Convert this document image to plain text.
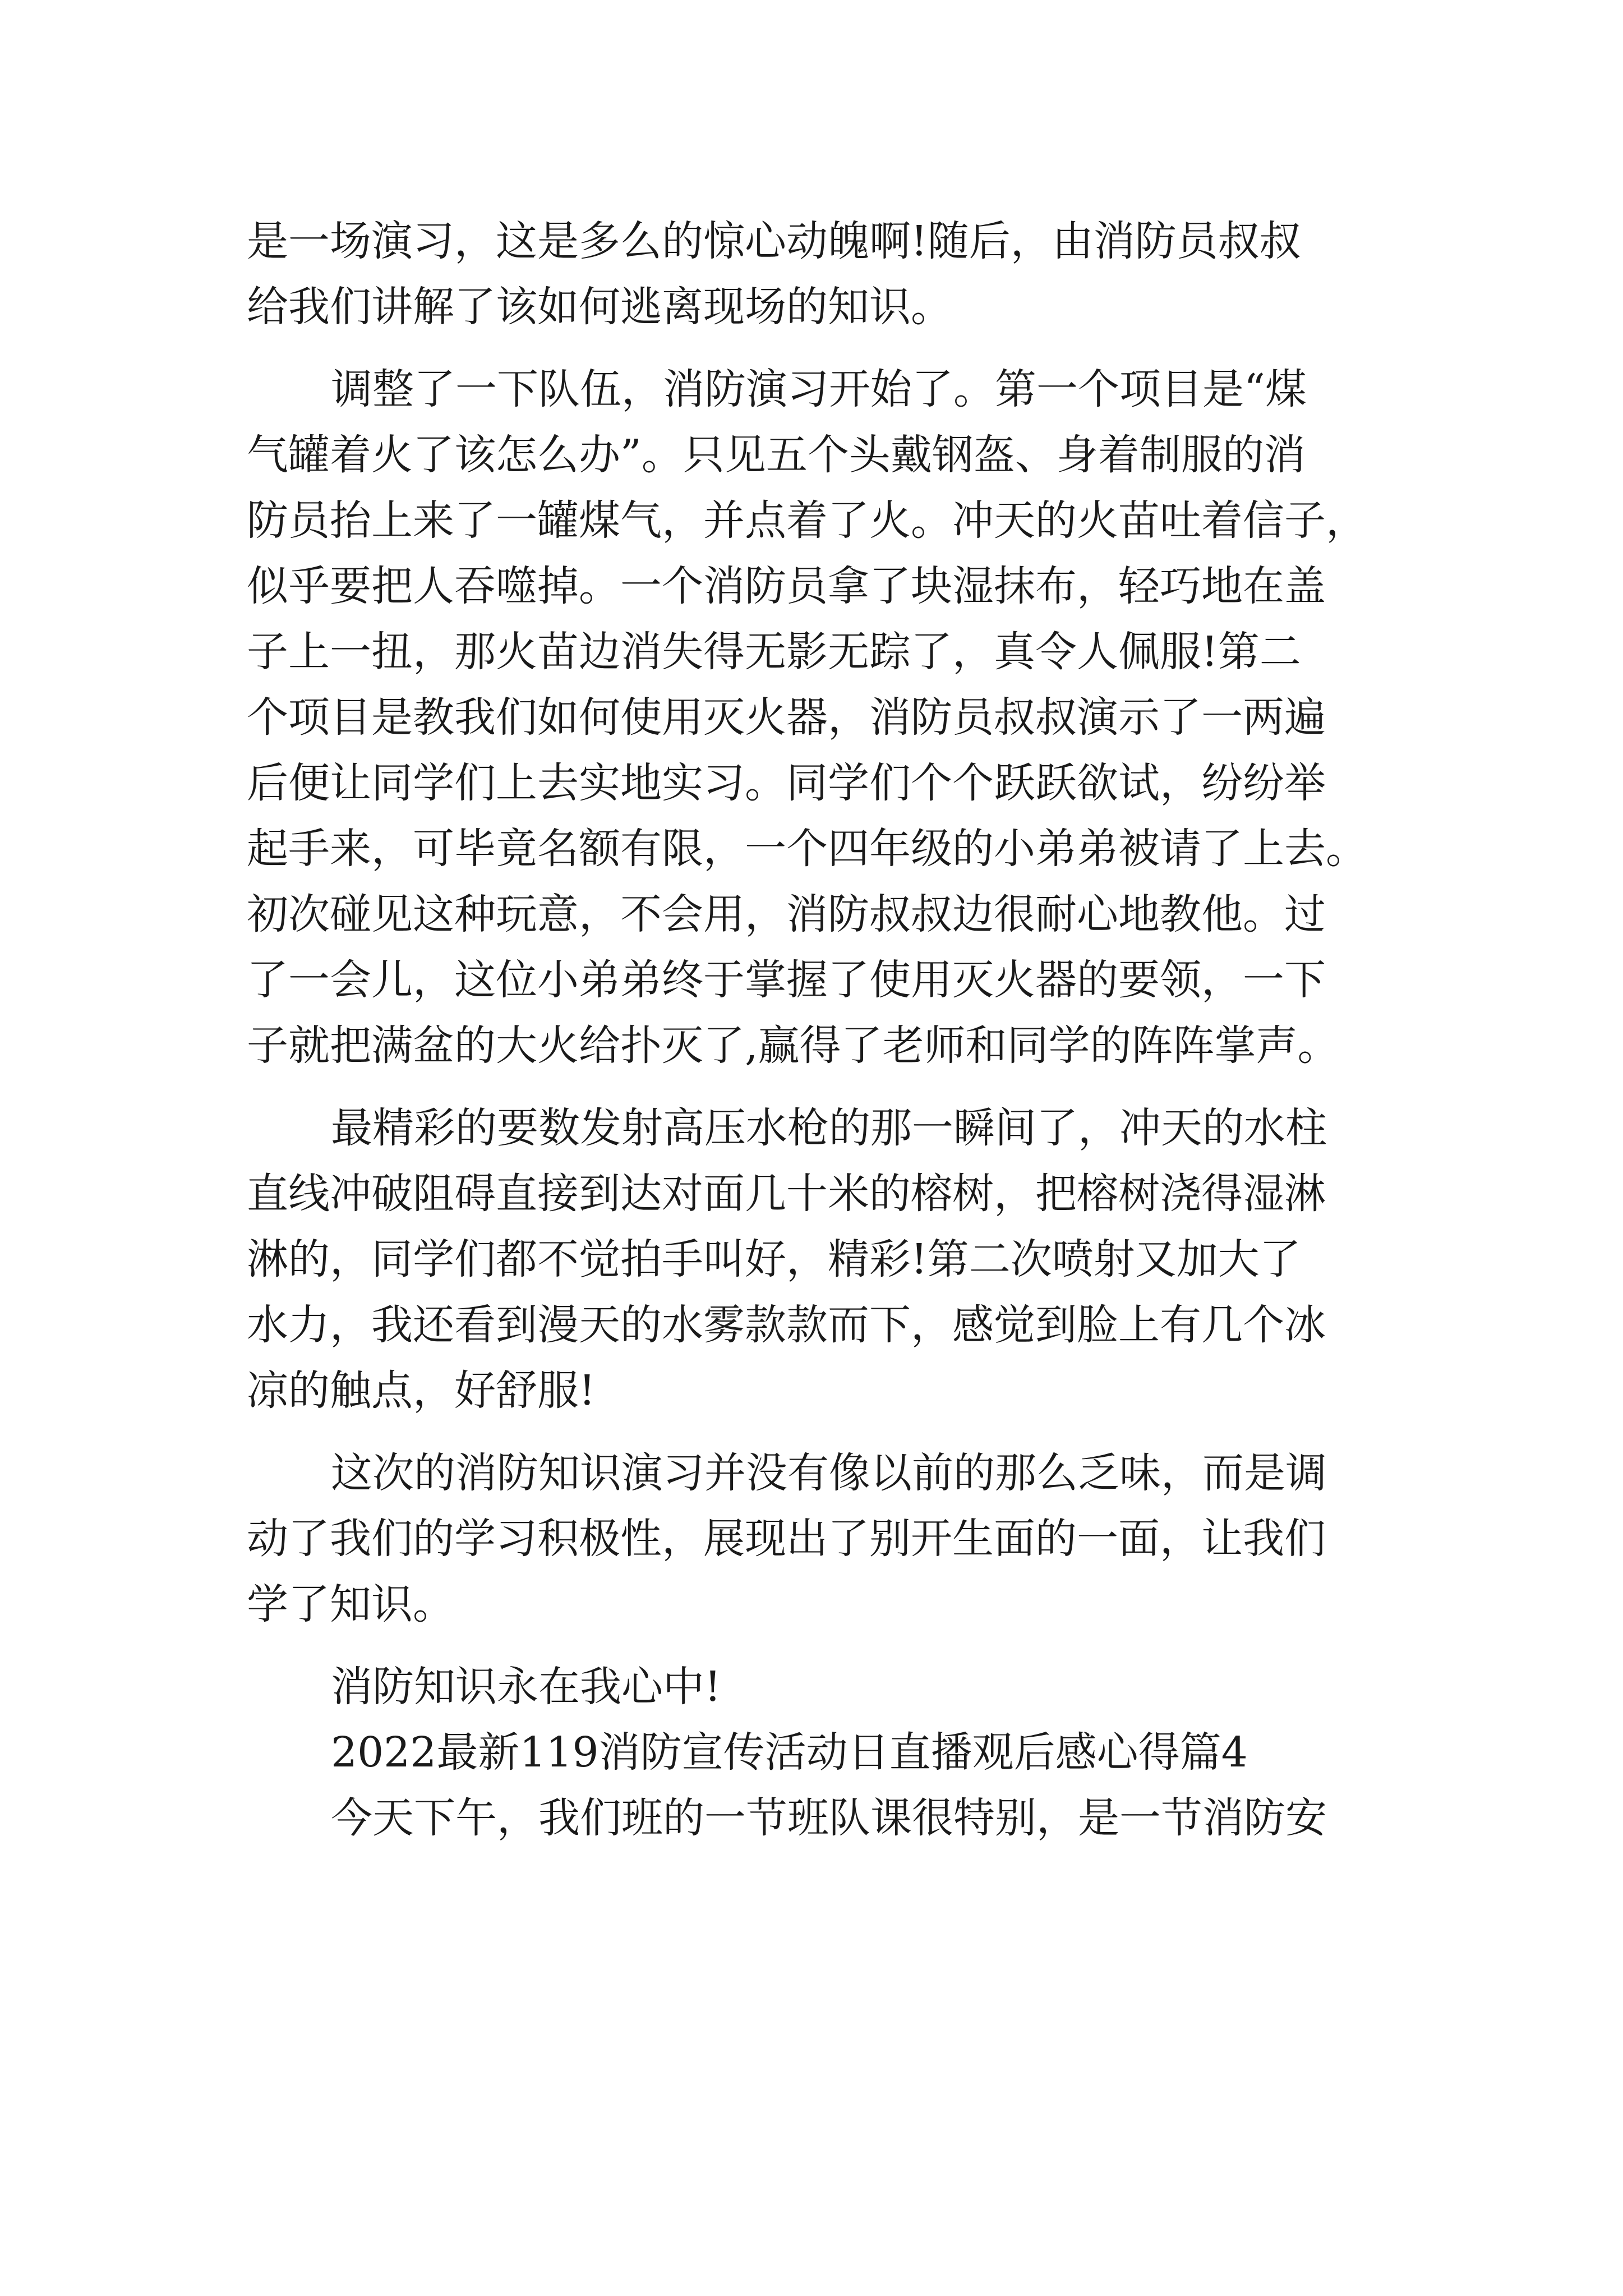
是一场演习，这是多么的惊心动魄啊!随后，由消防员叔叔
给我们讲解了该如何逃离现场的知识。
调整了一下队伍，消防演习开始了。第一个项目是“煤
气罐着火了该怎么办”。只见五个头戴钢盔、身着制服的消
防员抬上来了一罐煤气，并点着了火。冲天的火苗吐着信子，
似乎要把人吞噬掉。一个消防员拿了块湿抹布，轻巧地在盖
子上一扭，那火苗边消失得无影无踪了，真令人佩服!第二
个项目是教我们如何使用灭火器，消防员叔叔演示了一两遍
后便让同学们上去实地实习。同学们个个跃跃欲试，纷纷举
起手来，可毕竟名额有限，一个四年级的小弟弟被请了上去。
初次碰见这种玩意，不会用，消防叔叔边很耐心地教他。过
了一会儿，这位小弟弟终于掌握了使用灭火器的要领，一下
子就把满盆的大火给扑灭了,赢得了老师和同学的阵阵掌声。
最精彩的要数发射高压水枪的那一瞬间了，冲天的水柱
直线冲破阻碍直接到达对面几十米的榕树，把榕树浇得湿淋
淋的，同学们都不觉拍手叫好，精彩!第二次喷射又加大了
水力，我还看到漫天的水雾款款而下，感觉到脸上有几个冰
凉的触点，好舒服!
这次的消防知识演习并没有像以前的那么乏味，而是调
动了我们的学习积极性，展现出了别开生面的一面，让我们
学了知识。
消防知识永在我心中!
2022最新119消防宣传活动日直播观后感心得篇4
今天下午，我们班的一节班队课很特别，是一节消防安
